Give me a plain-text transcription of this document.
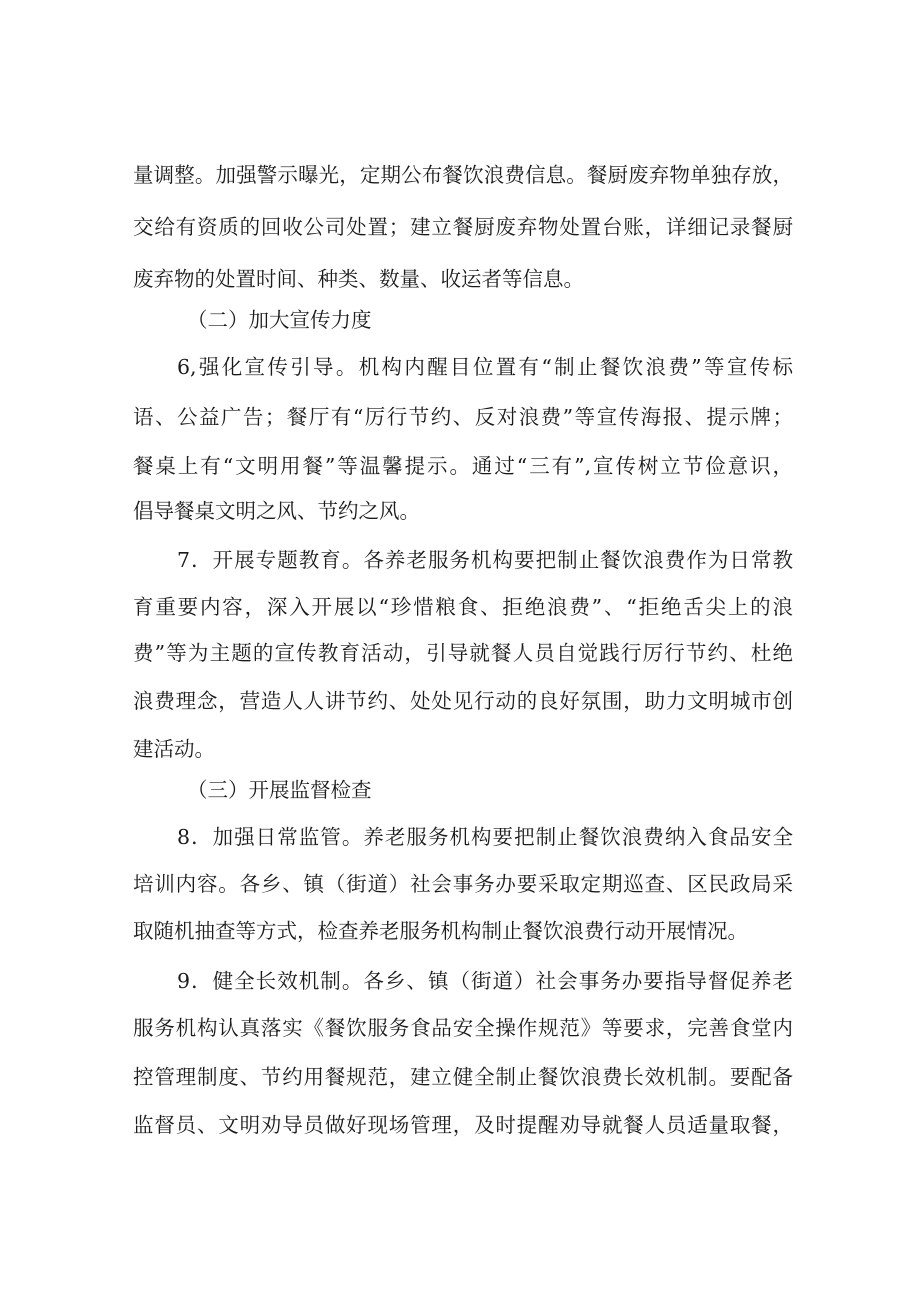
量调整。加强警示曝光，定期公布餐饮浪费信息。餐厨废弃物单独存放，
交给有资质的回收公司处置；建立餐厨废弃物处置台账，详细记录餐厨
废弃物的处置时间、种类、数量、收运者等信息。
（二）加大宣传力度
6,强化宣传引导。机构内醒目位置有“制止餐饮浪费”等宣传标
语、公益广告；餐厅有“厉行节约、反对浪费”等宣传海报、提示牌；
餐桌上有“文明用餐”等温馨提示。通过“三有”,宣传树立节俭意识，
倡导餐桌文明之风、节约之风。
7．开展专题教育。各养老服务机构要把制止餐饮浪费作为日常教
育重要内容，深入开展以“珍惜粮食、拒绝浪费”、“拒绝舌尖上的浪
费”等为主题的宣传教育活动，引导就餐人员自觉践行厉行节约、杜绝
浪费理念，营造人人讲节约、处处见行动的良好氛围，助力文明城市创
建活动。
（三）开展监督检查
8．加强日常监管。养老服务机构要把制止餐饮浪费纳入食品安全
培训内容。各乡、镇（街道）社会事务办要采取定期巡查、区民政局采
取随机抽查等方式，检查养老服务机构制止餐饮浪费行动开展情况。
9．健全长效机制。各乡、镇（街道）社会事务办要指导督促养老
服务机构认真落实《餐饮服务食品安全操作规范》等要求，完善食堂内
控管理制度、节约用餐规范，建立健全制止餐饮浪费长效机制。要配备
监督员、文明劝导员做好现场管理，及时提醒劝导就餐人员适量取餐，
